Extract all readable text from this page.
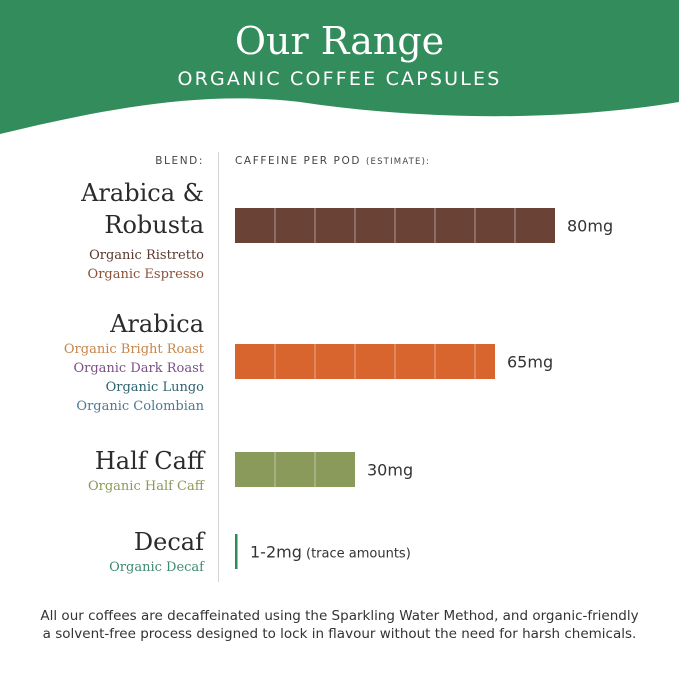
Our Range
ORGANIC COFFEE CAPSULES
BLEND:	CAFFEINE PER POD (ESTIMATE):
Arabica &
Robusta
Organic Ristretto
Organic Espresso
Arabica
Organic Bright Roast
Organic Dark Roast
Organic Lungo
Organic Colombian
Half Caff
Organic Half Caff
Decaf
Organic Decaf
80mg
65mg
30mg
1-2mg (trace amounts)
All our coffees are decaffeinated using the Sparkling Water Method, and organic-friendly
a solvent-free process designed to lock in flavour without the need for harsh chemicals.
